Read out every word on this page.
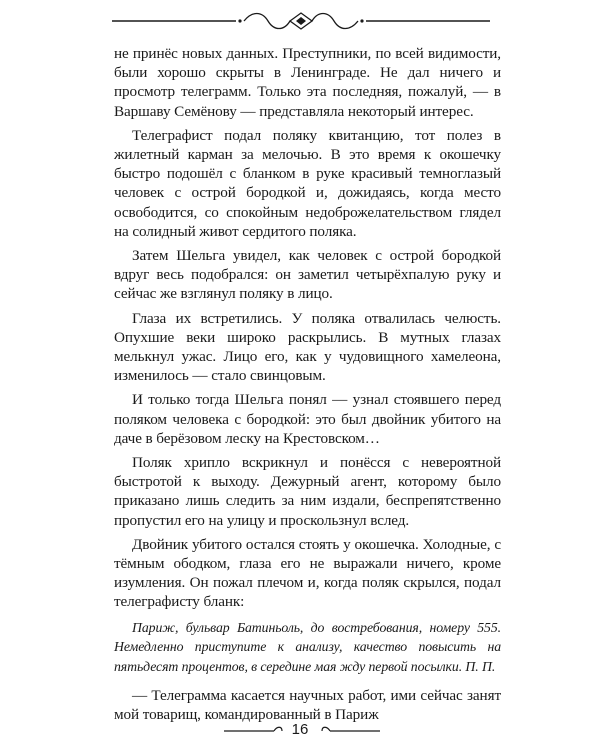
не принёс новых данных. Преступники, по всей видимости, были хорошо скрыты в Ленинграде. Не дал ничего и просмотр телеграмм. Только эта последняя, пожалуй, — в Варшаву Семёнову — представляла некоторый интерес.

Телеграфист подал поляку квитанцию, тот полез в жилетный карман за мелочью. В это время к окошечку быстро подошёл с бланком в руке красивый темноглазый человек с острой бородкой и, дожидаясь, когда место освободится, со спокойным недоброжелательством глядел на солидный живот сердитого поляка.

Затем Шельга увидел, как человек с острой бородкой вдруг весь подобрался: он заметил четырёхпалую руку и сейчас же взглянул поляку в лицо.

Глаза их встретились. У поляка отвалилась челюсть. Опухшие веки широко раскрылись. В мутных глазах мелькнул ужас. Лицо его, как у чудовищного хамелеона, изменилось — стало свинцовым.

И только тогда Шельга понял — узнал стоявшего перед поляком человека с бородкой: это был двойник убитого на даче в берёзовом леску на Крестовском…

Поляк хрипло вскрикнул и понёсся с невероятной быстротой к выходу. Дежурный агент, которому было приказано лишь следить за ним издали, беспрепятственно пропустил его на улицу и проскользнул вслед.

Двойник убитого остался стоять у окошечка. Холодные, с тёмным ободком, глаза его не выражали ничего, кроме изумления. Он пожал плечом и, когда поляк скрылся, подал телеграфисту бланк:

Париж, бульвар Батиньоль, до востребования, номеру 555. Немедленно приступите к анализу, качество повысить на пятьдесят процентов, в середине мая жду первой посылки. П. П.

— Телеграмма касается научных работ, ими сейчас занят мой товарищ, командированный в Париж

16
